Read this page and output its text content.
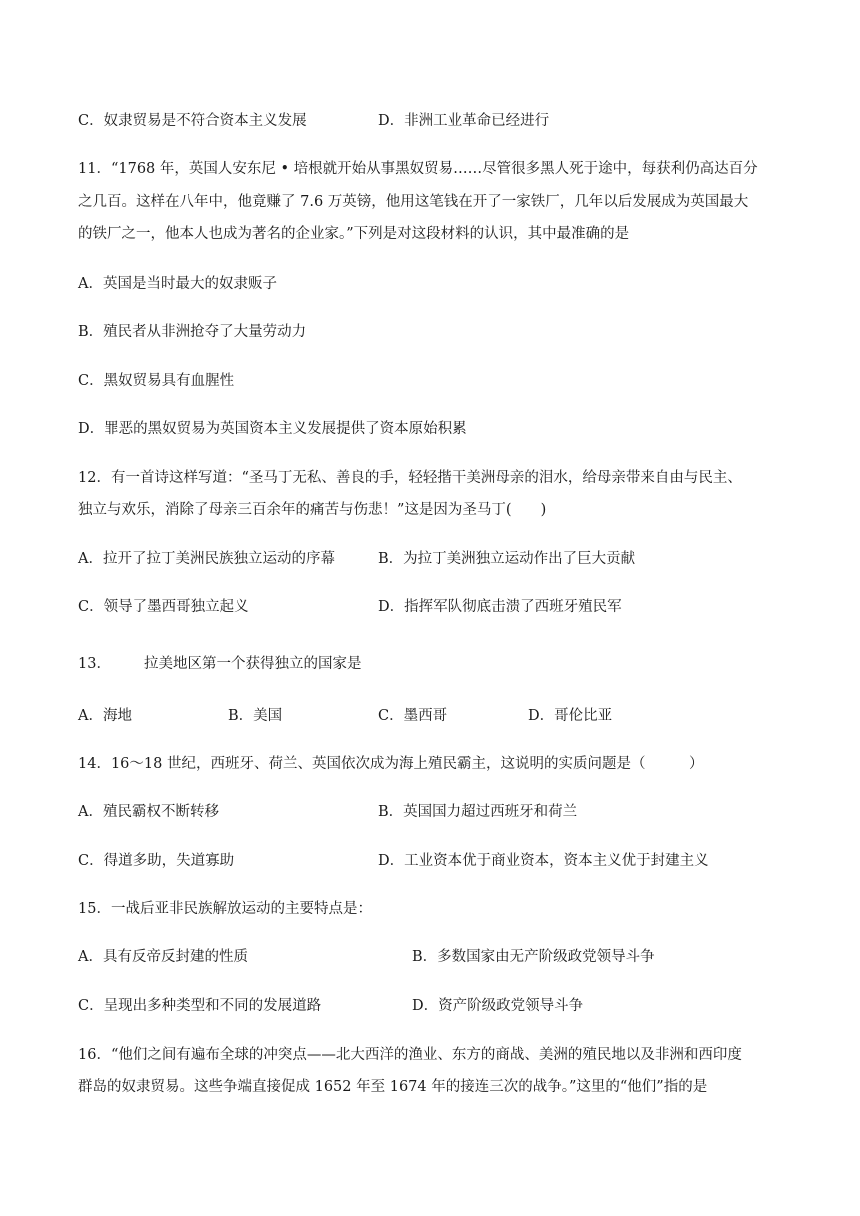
C．奴隶贸易是不符合资本主义发展	D．非洲工业革命已经进行
11．“1768 年，英国人安东尼 • 培根就开始从事黑奴贸易……尽管很多黑人死于途中，每获利仍高达百分
之几百。这样在八年中，他竟赚了 7.6 万英镑，他用这笔钱在开了一家铁厂，几年以后发展成为英国最大
的铁厂之一，他本人也成为著名的企业家。”下列是对这段材料的认识，其中最准确的是
A．英国是当时最大的奴隶贩子
B．殖民者从非洲抢夺了大量劳动力
C．黑奴贸易具有血腥性
D．罪恶的黑奴贸易为英国资本主义发展提供了资本原始积累
12．有一首诗这样写道：“圣马丁无私、善良的手，轻轻揩干美洲母亲的泪水，给母亲带来自由与民主、
独立与欢乐，消除了母亲三百余年的痛苦与伤悲！”这是因为圣马丁(　　)
A．拉开了拉丁美洲民族独立运动的序幕	B．为拉丁美洲独立运动作出了巨大贡献
C．领导了墨西哥独立起义	D．指挥军队彻底击溃了西班牙殖民军
13． 拉美地区第一个获得独立的国家是
A．海地	B．美国	C．墨西哥	D．哥伦比亚
14．16～18 世纪，西班牙、荷兰、英国依次成为海上殖民霸主，这说明的实质问题是（　　　）
A．殖民霸权不断转移	B．英国国力超过西班牙和荷兰
C．得道多助，失道寡助	D．工业资本优于商业资本，资本主义优于封建主义
15．一战后亚非民族解放运动的主要特点是：
A．具有反帝反封建的性质	B．多数国家由无产阶级政党领导斗争
C．呈现出多种类型和不同的发展道路	D．资产阶级政党领导斗争
16．“他们之间有遍布全球的冲突点——北大西洋的渔业、东方的商战、美洲的殖民地以及非洲和西印度
群岛的奴隶贸易。这些争端直接促成 1652 年至 1674 年的接连三次的战争。”这里的“他们”指的是
